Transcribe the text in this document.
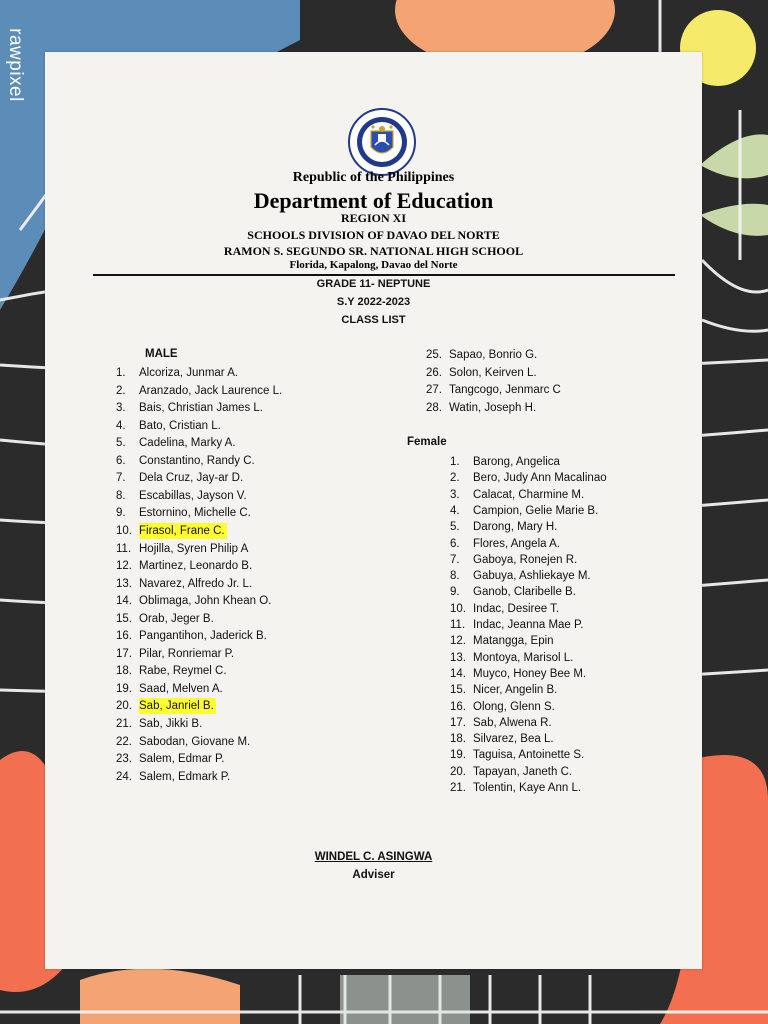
rawpixel
Republic of the Philippines
Department of Education
REGION XI
SCHOOLS DIVISION OF DAVAO DEL NORTE
RAMON S. SEGUNDO SR. NATIONAL HIGH SCHOOL
Florida, Kapalong, Davao del Norte
GRADE 11- NEPTUNE
S.Y 2022-2023
CLASS LIST
MALE
Female
1.	Alcoriza, Junmar A.
2.	Aranzado, Jack Laurence L.
3.	Bais, Christian James L.
4.	Bato, Cristian L.
5.	Cadelina, Marky A.
6.	Constantino, Randy C.
7.	Dela Cruz, Jay-ar D.
8.	Escabillas, Jayson V.
9.	Estornino, Michelle C.
10. Firasol, Frane C.
11. Hojilla, Syren Philip A
12. Martinez, Leonardo B.
13. Navarez, Alfredo Jr. L.
14. Oblimaga, John Khean O.
15. Orab, Jeger B.
16. Pangantihon, Jaderick B.
17. Pilar, Ronriemar P.
18. Rabe, Reymel C.
19. Saad, Melven A.
20. Sab, Janriel B.
21. Sab, Jikki B.
22. Sabodan, Giovane M.
23. Salem, Edmar P.
24. Salem, Edmark P.
25. Sapao, Bonrio G.
26. Solon, Keirven L.
27. Tangcogo, Jenmarc C
28. Watin, Joseph H.
1.	Barong, Angelica
2.	Bero, Judy Ann Macalinao
3.	Calacat, Charmine M.
4.	Campion, Gelie Marie B.
5.	Darong, Mary H.
6.	Flores, Angela A.
7.	Gaboya, Ronejen R.
8.	Gabuya, Ashliekaye M.
9.	Ganob, Claribelle B.
10. Indac, Desiree T.
11. Indac, Jeanna Mae P.
12. Matangga, Epin
13. Montoya, Marisol L.
14. Muyco, Honey Bee M.
15. Nicer, Angelin B.
16. Olong, Glenn S.
17. Sab, Alwena R.
18. Silvarez, Bea L.
19. Taguisa, Antoinette S.
20. Tapayan, Janeth C.
21. Tolentin, Kaye Ann L.
WINDEL C. ASINGWA
Adviser
